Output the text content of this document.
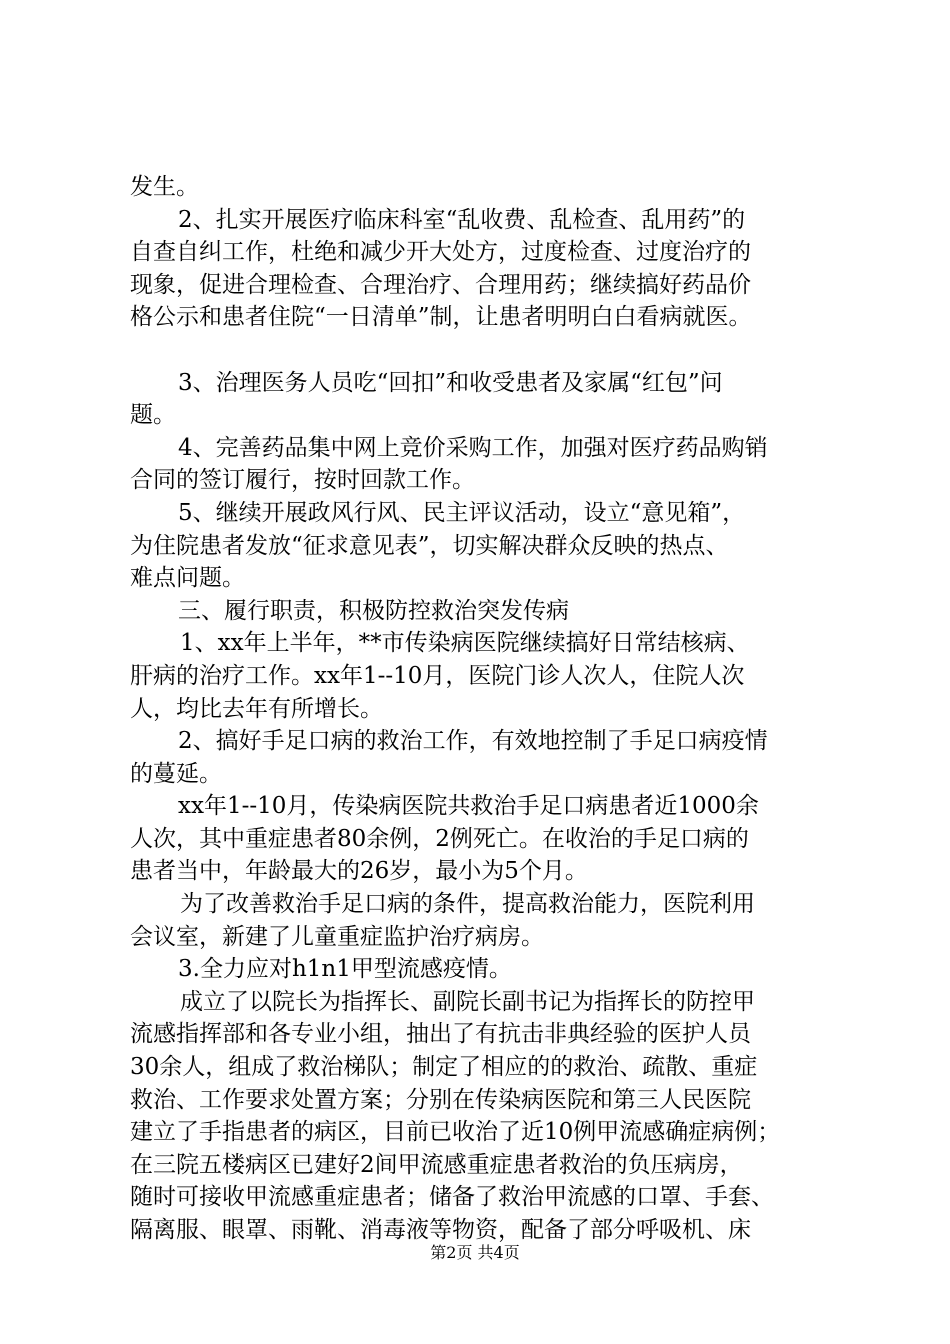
发生。
2、扎实开展医疗临床科室“乱收费、乱检查、乱用药”的
自查自纠工作，杜绝和减少开大处方，过度检查、过度治疗的
现象，促进合理检查、合理治疗、合理用药；继续搞好药品价
格公示和患者住院“一日清单”制，让患者明明白白看病就医。
3、治理医务人员吃“回扣”和收受患者及家属“红包”问
题。
4、完善药品集中网上竞价采购工作，加强对医疗药品购销
合同的签订履行，按时回款工作。
5、继续开展政风行风、民主评议活动，设立“意见箱”，
为住院患者发放“征求意见表”，切实解决群众反映的热点、
难点问题。
三、履行职责，积极防控救治突发传病
1、xx年上半年，**市传染病医院继续搞好日常结核病、
肝病的治疗工作。xx年1--10月，医院门诊人次人，住院人次
人，均比去年有所增长。
2、搞好手足口病的救治工作，有效地控制了手足口病疫情
的蔓延。
xx年1--10月，传染病医院共救治手足口病患者近1000余
人次，其中重症患者80余例，2例死亡。在收治的手足口病的
患者当中，年龄最大的26岁，最小为5个月。
为了改善救治手足口病的条件，提高救治能力，医院利用
会议室，新建了儿童重症监护治疗病房。
3.全力应对h1n1甲型流感疫情。
成立了以院长为指挥长、副院长副书记为指挥长的防控甲
流感指挥部和各专业小组，抽出了有抗击非典经验的医护人员
30余人，组成了救治梯队；制定了相应的的救治、疏散、重症
救治、工作要求处置方案；分别在传染病医院和第三人民医院
建立了手指患者的病区，目前已收治了近10例甲流感确症病例；
在三院五楼病区已建好2间甲流感重症患者救治的负压病房，
随时可接收甲流感重症患者；储备了救治甲流感的口罩、手套、
隔离服、眼罩、雨靴、消毒液等物资，配备了部分呼吸机、床
第2页 共4页
